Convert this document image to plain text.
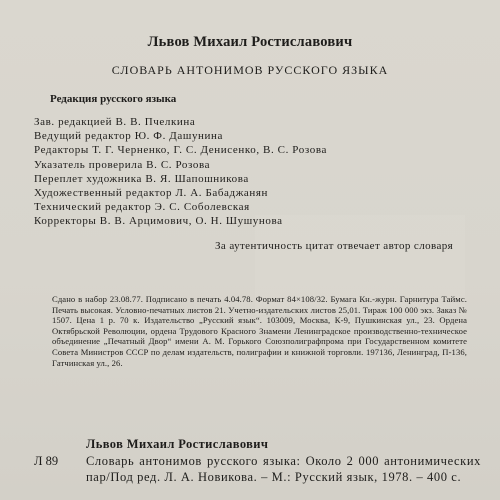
Львов Михаил Ростиславович
СЛОВАРЬ АНТОНИМОВ РУССКОГО ЯЗЫКА
Редакция русского языка
Зав. редакцией В. В. Пчелкина
Ведущий редактор Ю. Ф. Дашунина
Редакторы Т. Г. Чернeнко, Г. С. Денисенко, В. С. Розова
Указатель проверила В. С. Розова
Переплет художника В. Я. Шапошникова
Художественный редактор Л. А. Бабаджанян
Технический редактор Э. С. Соболевская
Корректоры В. В. Арцимович, О. Н. Шушунова
За аутентичность цитат отвечает автор словаря
Сдано в набор 23.08.77. Подписано в печать 4.04.78. Формат 84×108/32. Бумага Кн.-журн. Гарнитура Таймс. Печать высокая. Условно-печатных листов 21. Учетно-издательских листов 25,01. Тираж 100 000 экз. Заказ № 1507. Цена 1 р. 70 к. Издательство „Русский язык“. 103009, Москва, К-9, Пушкинская ул., 23. Ордена Октябрьской Революции, ордена Трудового Красного Знамени Ленинградское производственно-техническое объединение „Печатный Двор“ имени А. М. Горького Союзполиграфпрома при Государственном комитете Совета Министров СССР по делам издательств, полиграфии и книжной торговли. 197136, Ленинград, П-136, Гатчинская ул., 26.
Львов Михаил Ростиславович
Л 89 Словарь антонимов русского языка: Около 2 000 антонимических пар/Под ред. Л. А. Новикова. – М.: Русский язык, 1978. – 400 с.
